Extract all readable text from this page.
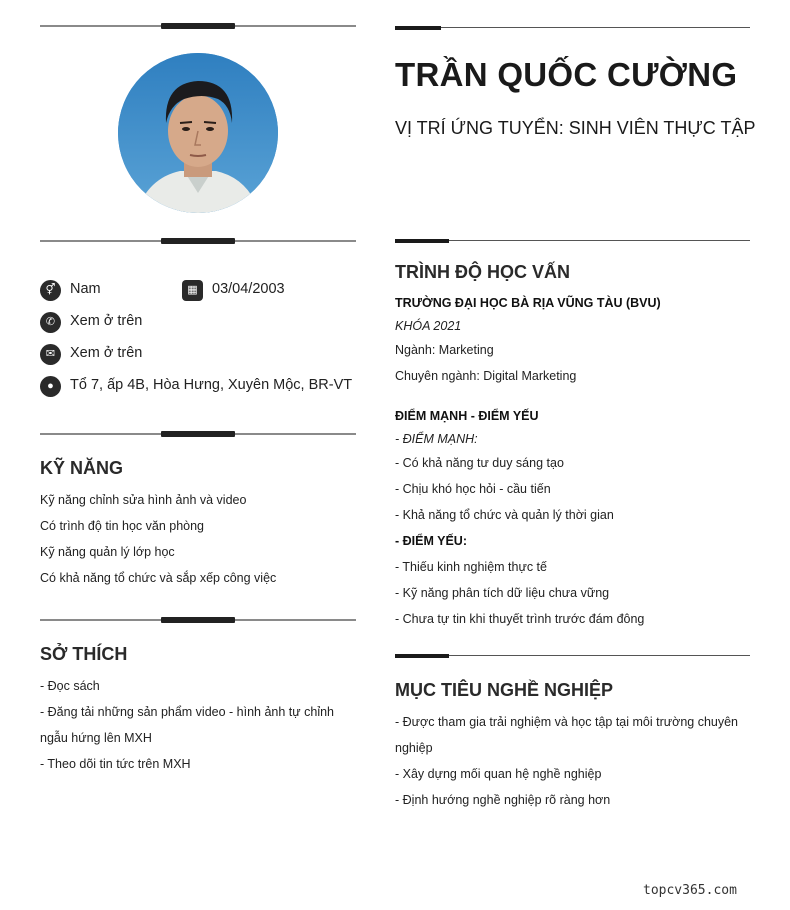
⚥	Nam	▦ 03/04/2003
✆	Xem ở trên
✉	Xem ở trên
●	Tổ 7, ấp 4B, Hòa Hưng, Xuyên Mộc, BR-VT
KỸ NĂNG
Kỹ năng chỉnh sửa hình ảnh và video
Có trình độ tin học văn phòng
Kỹ năng quản lý lớp học
Có khả năng tổ chức và sắp xếp công việc
SỞ THÍCH
- Đọc sách
- Đăng tải những sản phẩm video - hình ảnh tự chỉnh
ngẫu hứng lên MXH
- Theo dõi tin tức trên MXH
TRẦN QUỐC CƯỜNG
VỊ TRÍ ỨNG TUYỂN: SINH VIÊN THỰC TẬP
TRÌNH ĐỘ HỌC VẤN
TRƯỜNG ĐẠI HỌC BÀ RỊA VŨNG TÀU (BVU)
KHÓA 2021
Ngành: Marketing
Chuyên ngành: Digital Marketing
ĐIỂM MẠNH - ĐIỂM YẾU
- ĐIỂM MẠNH:
- Có khả năng tư duy sáng tạo
- Chịu khó học hỏi - cầu tiến
- Khả năng tổ chức và quản lý thời gian
- ĐIỂM YẾU:
- Thiếu kinh nghiệm thực tế
- Kỹ năng phân tích dữ liệu chưa vững
- Chưa tự tin khi thuyết trình trước đám đông
MỤC TIÊU NGHỀ NGHIỆP
- Được tham gia trải nghiệm và học tập tại môi trường chuyên
nghiệp
- Xây dựng mối quan hệ nghề nghiệp
- Định hướng nghề nghiệp rõ ràng hơn
topcv365.com
